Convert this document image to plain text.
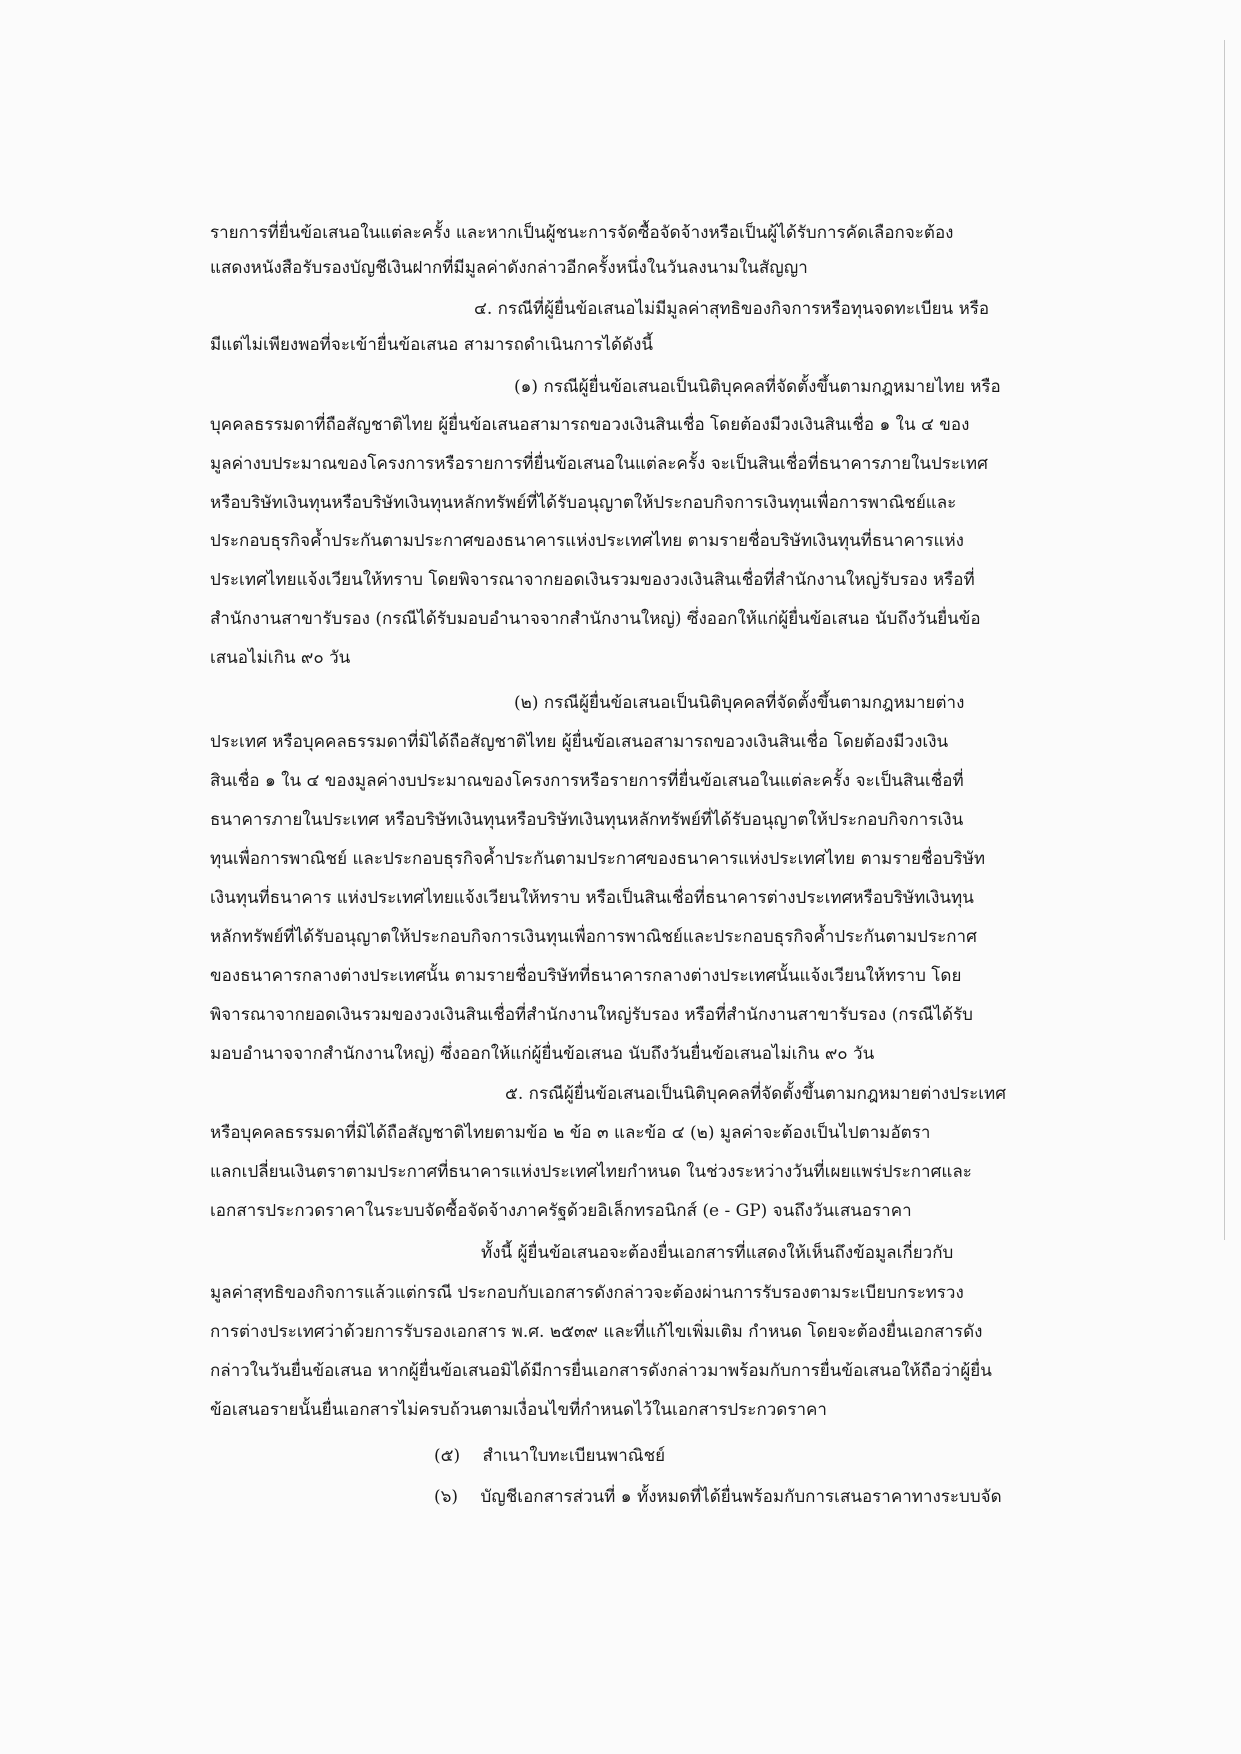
รายการที่ยื่นข้อเสนอในแต่ละครั้ง และหากเป็นผู้ชนะการจัดซื้อจัดจ้างหรือเป็นผู้ได้รับการคัดเลือกจะต้อง
แสดงหนังสือรับรองบัญชีเงินฝากที่มีมูลค่าดังกล่าวอีกครั้งหนึ่งในวันลงนามในสัญญา
๔. กรณีที่ผู้ยื่นข้อเสนอไม่มีมูลค่าสุทธิของกิจการหรือทุนจดทะเบียน หรือ
มีแต่ไม่เพียงพอที่จะเข้ายื่นข้อเสนอ สามารถดำเนินการได้ดังนี้
(๑) กรณีผู้ยื่นข้อเสนอเป็นนิติบุคคลที่จัดตั้งขึ้นตามกฎหมายไทย หรือ
บุคคลธรรมดาที่ถือสัญชาติไทย ผู้ยื่นข้อเสนอสามารถขอวงเงินสินเชื่อ โดยต้องมีวงเงินสินเชื่อ ๑ ใน ๔ ของ
มูลค่างบประมาณของโครงการหรือรายการที่ยื่นข้อเสนอในแต่ละครั้ง จะเป็นสินเชื่อที่ธนาคารภายในประเทศ
หรือบริษัทเงินทุนหรือบริษัทเงินทุนหลักทรัพย์ที่ได้รับอนุญาตให้ประกอบกิจการเงินทุนเพื่อการพาณิชย์และ
ประกอบธุรกิจค้ำประกันตามประกาศของธนาคารแห่งประเทศไทย ตามรายชื่อบริษัทเงินทุนที่ธนาคารแห่ง
ประเทศไทยแจ้งเวียนให้ทราบ โดยพิจารณาจากยอดเงินรวมของวงเงินสินเชื่อที่สำนักงานใหญ่รับรอง หรือที่
สำนักงานสาขารับรอง (กรณีได้รับมอบอำนาจจากสำนักงานใหญ่) ซึ่งออกให้แก่ผู้ยื่นข้อเสนอ นับถึงวันยื่นข้อ
เสนอไม่เกิน ๙๐ วัน
(๒) กรณีผู้ยื่นข้อเสนอเป็นนิติบุคคลที่จัดตั้งขึ้นตามกฎหมายต่าง
ประเทศ หรือบุคคลธรรมดาที่มิได้ถือสัญชาติไทย ผู้ยื่นข้อเสนอสามารถขอวงเงินสินเชื่อ โดยต้องมีวงเงิน
สินเชื่อ ๑ ใน ๔ ของมูลค่างบประมาณของโครงการหรือรายการที่ยื่นข้อเสนอในแต่ละครั้ง จะเป็นสินเชื่อที่
ธนาคารภายในประเทศ หรือบริษัทเงินทุนหรือบริษัทเงินทุนหลักทรัพย์ที่ได้รับอนุญาตให้ประกอบกิจการเงิน
ทุนเพื่อการพาณิชย์ และประกอบธุรกิจค้ำประกันตามประกาศของธนาคารแห่งประเทศไทย ตามรายชื่อบริษัท
เงินทุนที่ธนาคาร แห่งประเทศไทยแจ้งเวียนให้ทราบ หรือเป็นสินเชื่อที่ธนาคารต่างประเทศหรือบริษัทเงินทุน
หลักทรัพย์ที่ได้รับอนุญาตให้ประกอบกิจการเงินทุนเพื่อการพาณิชย์และประกอบธุรกิจค้ำประกันตามประกาศ
ของธนาคารกลางต่างประเทศนั้น ตามรายชื่อบริษัทที่ธนาคารกลางต่างประเทศนั้นแจ้งเวียนให้ทราบ โดย
พิจารณาจากยอดเงินรวมของวงเงินสินเชื่อที่สำนักงานใหญ่รับรอง หรือที่สำนักงานสาขารับรอง (กรณีได้รับ
มอบอำนาจจากสำนักงานใหญ่) ซึ่งออกให้แก่ผู้ยื่นข้อเสนอ นับถึงวันยื่นข้อเสนอไม่เกิน ๙๐ วัน
๕. กรณีผู้ยื่นข้อเสนอเป็นนิติบุคคลที่จัดตั้งขึ้นตามกฎหมายต่างประเทศ
หรือบุคคลธรรมดาที่มิได้ถือสัญชาติไทยตามข้อ ๒ ข้อ ๓ และข้อ ๔ (๒) มูลค่าจะต้องเป็นไปตามอัตรา
แลกเปลี่ยนเงินตราตามประกาศที่ธนาคารแห่งประเทศไทยกำหนด ในช่วงระหว่างวันที่เผยแพร่ประกาศและ
เอกสารประกวดราคาในระบบจัดซื้อจัดจ้างภาครัฐด้วยอิเล็กทรอนิกส์ (e - GP) จนถึงวันเสนอราคา
ทั้งนี้ ผู้ยื่นข้อเสนอจะต้องยื่นเอกสารที่แสดงให้เห็นถึงข้อมูลเกี่ยวกับ
มูลค่าสุทธิของกิจการแล้วแต่กรณี ประกอบกับเอกสารดังกล่าวจะต้องผ่านการรับรองตามระเบียบกระทรวง
การต่างประเทศว่าด้วยการรับรองเอกสาร พ.ศ. ๒๕๓๙ และที่แก้ไขเพิ่มเติม กำหนด โดยจะต้องยื่นเอกสารดัง
กล่าวในวันยื่นข้อเสนอ หากผู้ยื่นข้อเสนอมิได้มีการยื่นเอกสารดังกล่าวมาพร้อมกับการยื่นข้อเสนอให้ถือว่าผู้ยื่น
ข้อเสนอรายนั้นยื่นเอกสารไม่ครบถ้วนตามเงื่อนไขที่กำหนดไว้ในเอกสารประกวดราคา
(๕)  สำเนาใบทะเบียนพาณิชย์
(๖)  บัญชีเอกสารส่วนที่ ๑ ทั้งหมดที่ได้ยื่นพร้อมกับการเสนอราคาทางระบบจัด
